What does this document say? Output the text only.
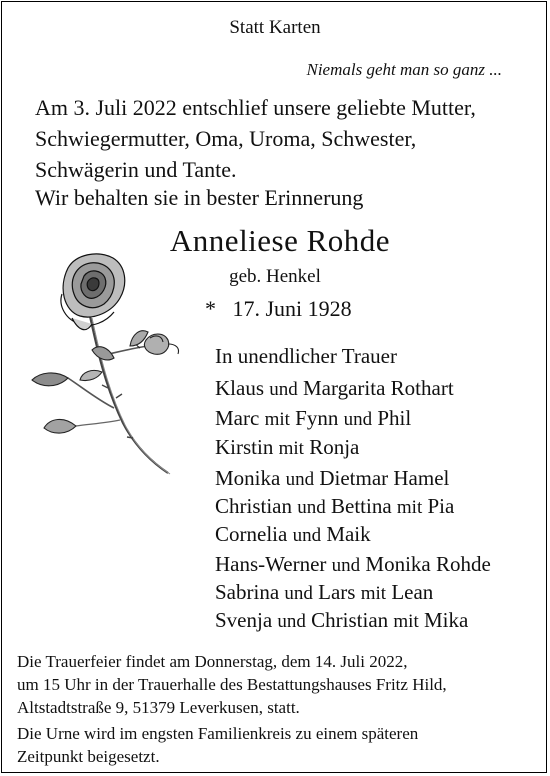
Statt Karten
Niemals geht man so ganz ...
Am 3. Juli 2022 entschlief unsere geliebte Mutter,
Schwiegermutter, Oma, Uroma, Schwester,
Schwägerin und Tante.
Wir behalten sie in bester Erinnerung
Anneliese Rohde
geb. Henkel
* 17. Juni 1928
In unendlicher Trauer
Klaus und Margarita Rothart
Marc mit Fynn und Phil
Kirstin mit Ronja
Monika und Dietmar Hamel
Christian und Bettina mit Pia
Cornelia und Maik
Hans-Werner und Monika Rohde
Sabrina und Lars mit Lean
Svenja und Christian mit Mika
Die Trauerfeier findet am Donnerstag, dem 14. Juli 2022,
um 15 Uhr in der Trauerhalle des Bestattungshauses Fritz Hild,
Altstadtstraße 9, 51379 Leverkusen, statt.
Die Urne wird im engsten Familienkreis zu einem späteren
Zeitpunkt beigesetzt.
